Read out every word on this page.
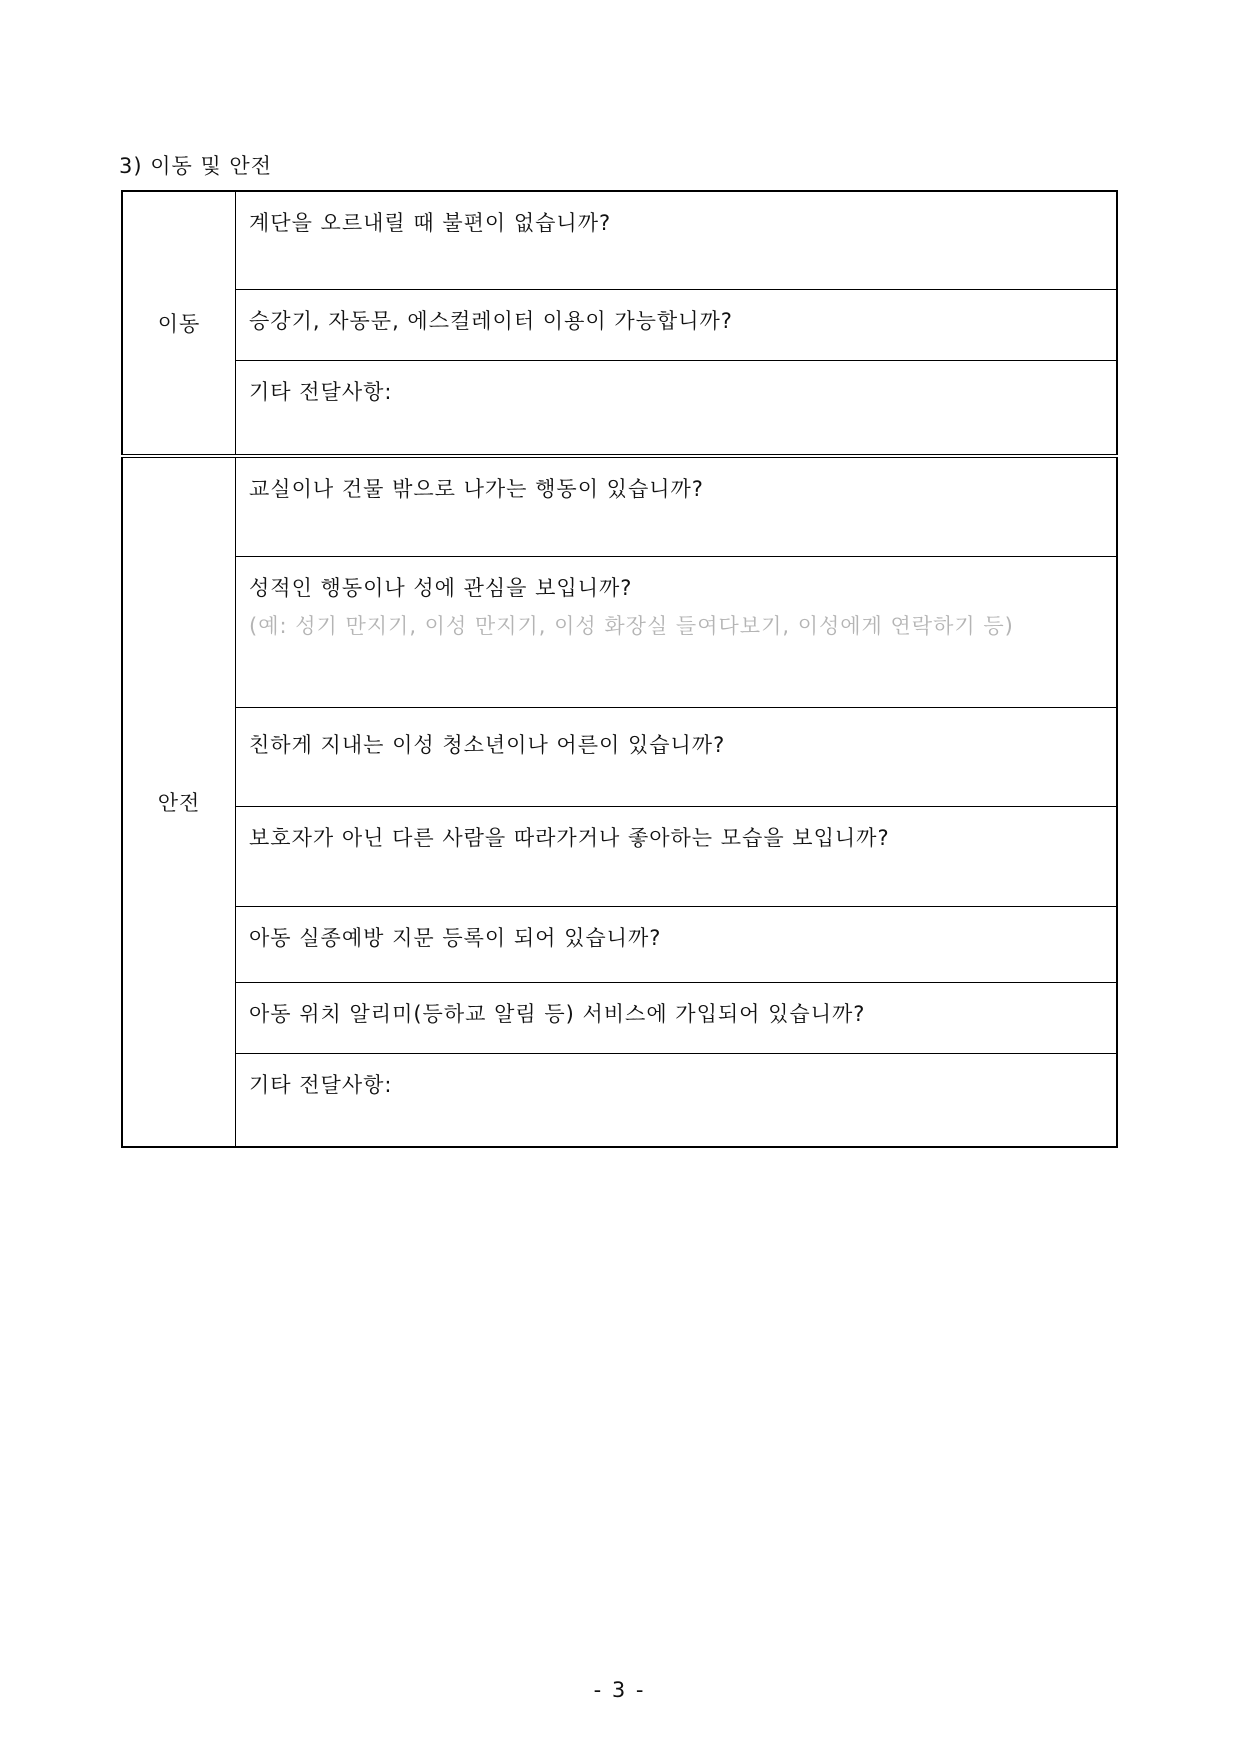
3) 이동 및 안전
이동	계단을 오르내릴 때 불편이 없습니까?
	승강기, 자동문, 에스컬레이터 이용이 가능합니까?
	기타 전달사항:
안전	교실이나 건물 밖으로 나가는 행동이 있습니까?
	성적인 행동이나 성에 관심을 보입니까?
(예: 성기 만지기, 이성 만지기, 이성 화장실 들여다보기, 이성에게 연락하기 등)

	친하게 지내는 이성 청소년이나 어른이 있습니까?
	보호자가 아닌 다른 사람을 따라가거나 좋아하는 모습을 보입니까?
	아동 실종예방 지문 등록이 되어 있습니까?
	아동 위치 알리미(등하교 알림 등) 서비스에 가입되어 있습니까?
	기타 전달사항:
- 3 -
